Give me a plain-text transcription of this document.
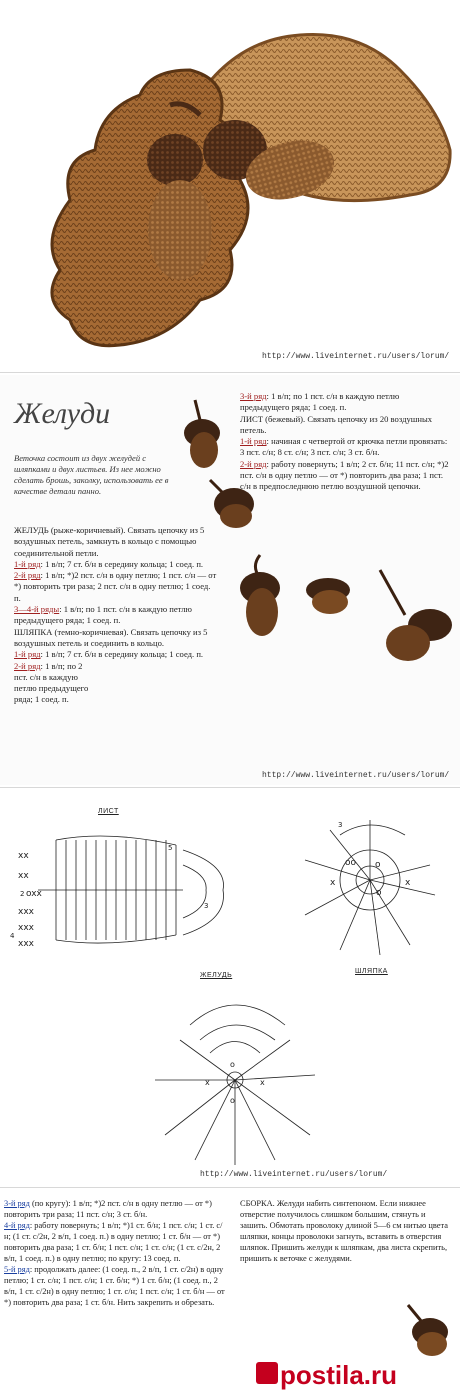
http://www.liveinternet.ru/users/lorum/
Желуди
Веточка состоит из двух желудей с шляпками и двух листьев. Из нее можно сделать брошь, заколку, использовать ее в качестве детали панно.

3-й ряд: 1 в/п; по 1 пст. с/н в каждую петлю предыдущего ряда; 1 соед. п.

ЛИСТ (бежевый). Связать цепочку из 20 воздушных петель.

1-й ряд: начиная с четвертой от крючка петли провязать: 3 пст. с/н; 8 ст. с/н; 3 пст. с/н; 3 ст. б/н.

2-й ряд: работу повернуть; 1 в/п; 2 ст. б/н; 11 пст. с/н; *)2 пст. с/н в одну петлю — от *) повторить два раза; 1 пст. с/н в предпоследнюю петлю воздушной цепочки.

ЖЕЛУДЬ (рыже-коричневый). Связать цепочку из 5 воздушных петель, замкнуть в кольцо с помощью соединительной петли.

1-й ряд: 1 в/п; 7 ст. б/н в середину кольца; 1 соед. п.

2-й ряд: 1 в/п; *)2 пст. с/н в одну петлю; 1 пст. с/н — от *) повторить три раза; 2 пст. с/н в одну петлю; 1 соед. п.

3—4-й ряды: 1 в/п; по 1 пст. с/н в каждую петлю предыдущего ряда; 1 соед. п.

ШЛЯПКА (темно-коричневая). Связать цепочку из 5 воздушных петель и соединить в кольцо.

1-й ряд: 1 в/п; 7 ст. б/н в середину кольца; 1 соед. п.

2-й ряд: 1 в/п; по 2 пст. с/н в каждую петлю предыдущего ряда; 1 соед. п.

http://www.liveinternet.ru/users/lorum/
ЛИСТ
ЖЕЛУДЬ
ШЛЯПКА
xx
xx
2 oxx
xxx
xxx
4
xxx
5
3
3
oo o
o
x	x
x	x
o
o
http://www.liveinternet.ru/users/lorum/

3-й ряд (по кругу): 1 в/п; *)2 пст. с/н в одну петлю — от *) повторить три раза; 11 пст. с/н; 3 ст. б/н.

4-й ряд: работу повернуть; 1 в/п; *)1 ст. б/н; 1 пст. с/н; 1 ст. с/н; (1 ст. с/2н, 2 в/п, 1 соед. п.) в одну петлю; 1 ст. б/н — от *) повторить два раза; 1 ст. б/н; 1 пст. с/н; 1 ст. с/н; (1 ст. с/2н, 2 в/п, 1 соед. п.) в одну петлю; по кругу: 13 соед. п.

5-й ряд: продолжать далее: (1 соед. п., 2 в/п, 1 ст. с/2н) в одну петлю; 1 ст. с/н; 1 пст. с/н; 1 ст. б/н; *) 1 ст. б/н; (1 соед. п., 2 в/п, 1 ст. с/2н) в одну петлю; 1 ст. с/н; 1 пст. с/н; 1 ст. б/н — от *) повторить два раза; 1 ст. б/н. Нить закрепить и обрезать.

СБОРКА. Желуди набить синтепоном. Если нижнее отверстие получилось слишком большим, стянуть и зашить. Обмотать проволоку длиной 5—6 см нитью цвета шляпки, концы проволоки загнуть, вставить в отверстия шляпок. Пришить желуди к шляпкам, два листа скрепить, пришить к веточке с желудями.
postila.ru
